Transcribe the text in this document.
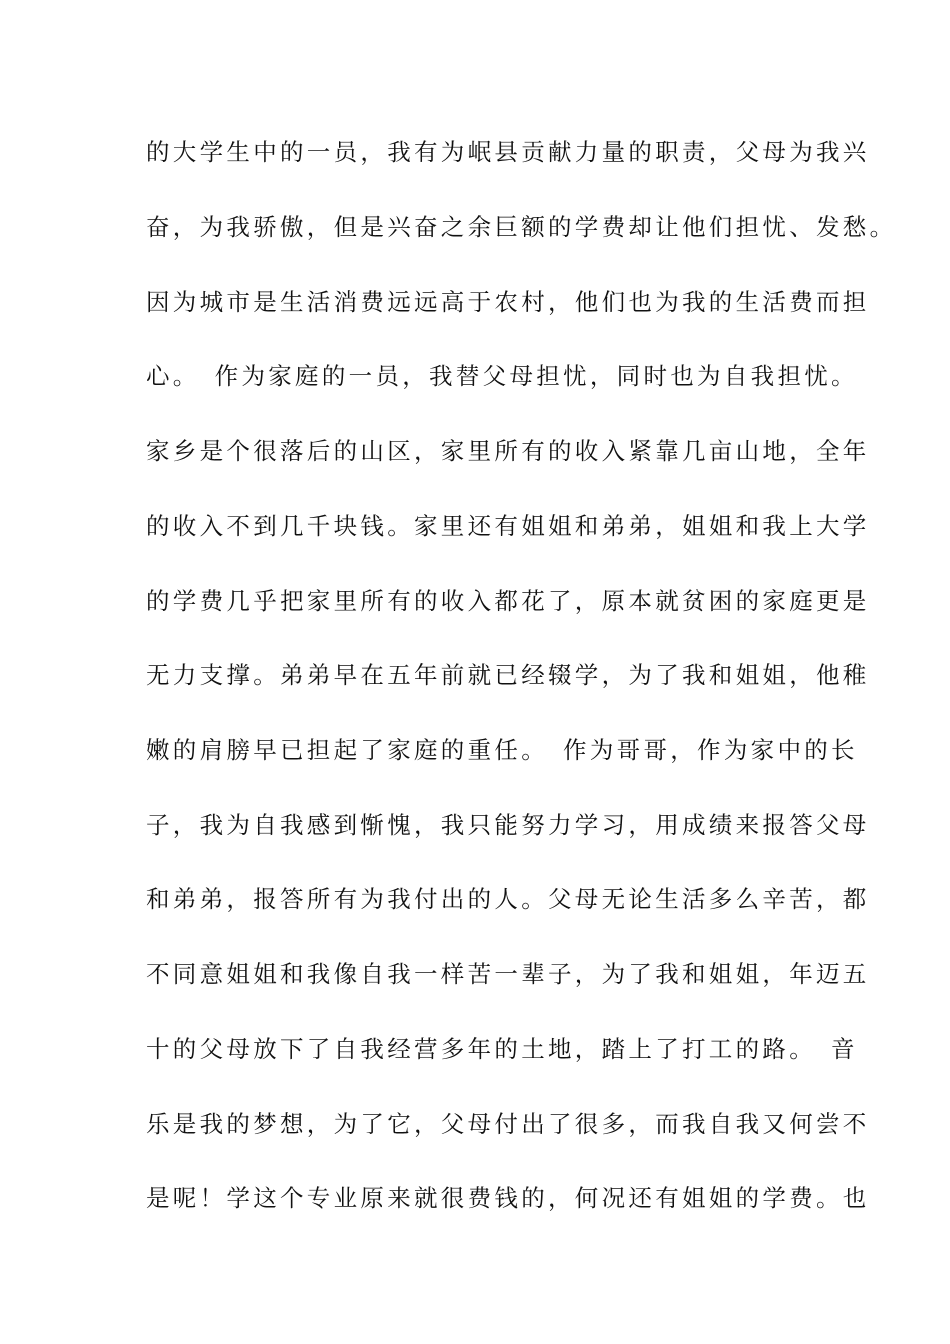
的大学生中的一员，我有为岷县贡献力量的职责，父母为我兴
奋，为我骄傲，但是兴奋之余巨额的学费却让他们担忧、发愁。
因为城市是生活消费远远高于农村，他们也为我的生活费而担
心。　作为家庭的一员，我替父母担忧，同时也为自我担忧。
家乡是个很落后的山区，家里所有的收入紧靠几亩山地，全年
的收入不到几千块钱。家里还有姐姐和弟弟，姐姐和我上大学
的学费几乎把家里所有的收入都花了，原本就贫困的家庭更是
无力支撑。弟弟早在五年前就已经辍学，为了我和姐姐，他稚
嫩的肩膀早已担起了家庭的重任。　作为哥哥，作为家中的长
子，我为自我感到惭愧，我只能努力学习，用成绩来报答父母
和弟弟，报答所有为我付出的人。父母无论生活多么辛苦，都
不同意姐姐和我像自我一样苦一辈子，为了我和姐姐，年迈五
十的父母放下了自我经营多年的土地，踏上了打工的路。　音
乐是我的梦想，为了它，父母付出了很多，而我自我又何尝不
是呢！学这个专业原来就很费钱的，何况还有姐姐的学费。也
